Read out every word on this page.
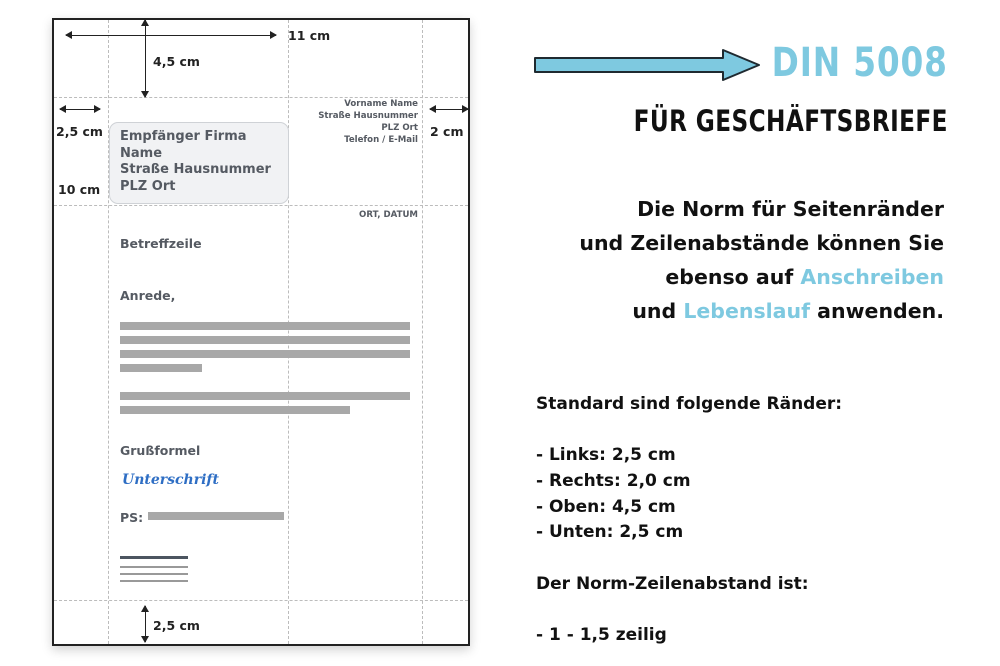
11 cm
4,5 cm
2,5 cm
10 cm
2 cm
2,5 cm
Vorname Name
Straße Hausnummer
PLZ Ort
Telefon / E-Mail
Empfänger Firma
Name
Straße Hausnummer
PLZ Ort
ORT, DATUM
Betreffzeile
Anrede,
Grußformel
Unterschrift
PS:
DIN 5008
FÜR GESCHÄFTSBRIEFE
Die Norm für Seitenränder
und Zeilenabstände können Sie
ebenso auf Anschreiben
und Lebenslauf anwenden.
Standard sind folgende Ränder:
- Links: 2,5 cm
- Rechts: 2,0 cm
- Oben: 4,5 cm
- Unten: 2,5 cm
Der Norm-Zeilenabstand ist:
- 1 - 1,5 zeilig
